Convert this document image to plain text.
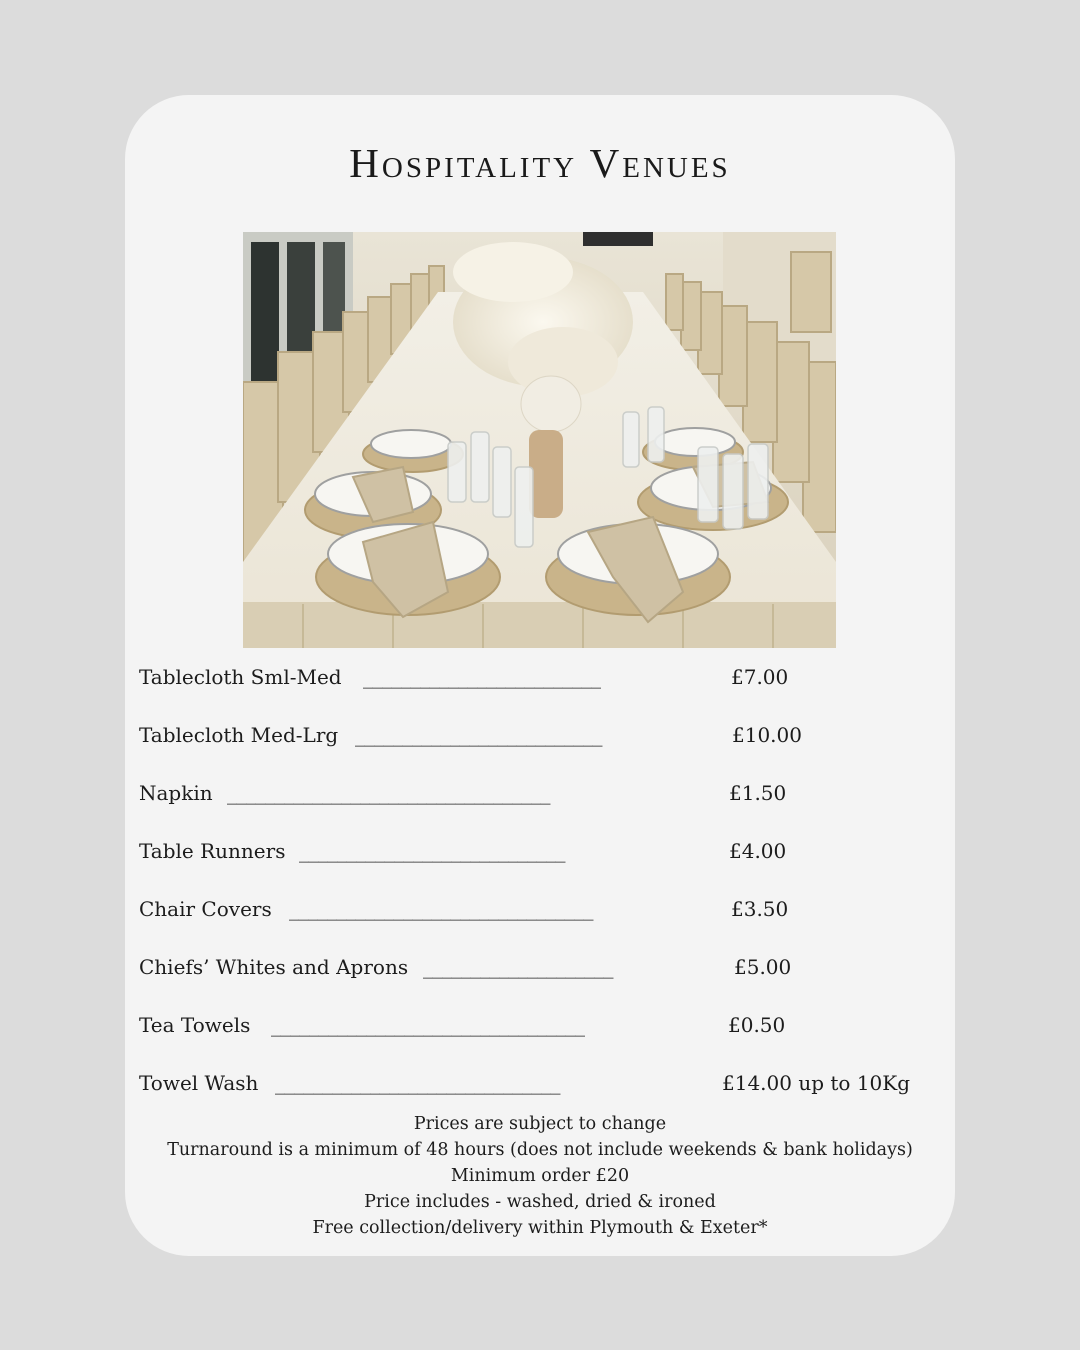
Hospitality Venues
Tablecloth Sml-Med _________________________	£7.00
Tablecloth Med-Lrg __________________________	£10.00
Napkin __________________________________	£1.50
Table Runners ____________________________	£4.00
Chair Covers ________________________________	£3.50
Chiefs’ Whites and Aprons ____________________	£5.00
Tea Towels _________________________________	£0.50
Towel Wash ______________________________	£14.00 up to 10Kg
Prices are subject to change
Turnaround is a minimum of 48 hours (does not include weekends & bank holidays)
Minimum order £20
Price includes - washed, dried & ironed
Free collection/delivery within Plymouth & Exeter*
